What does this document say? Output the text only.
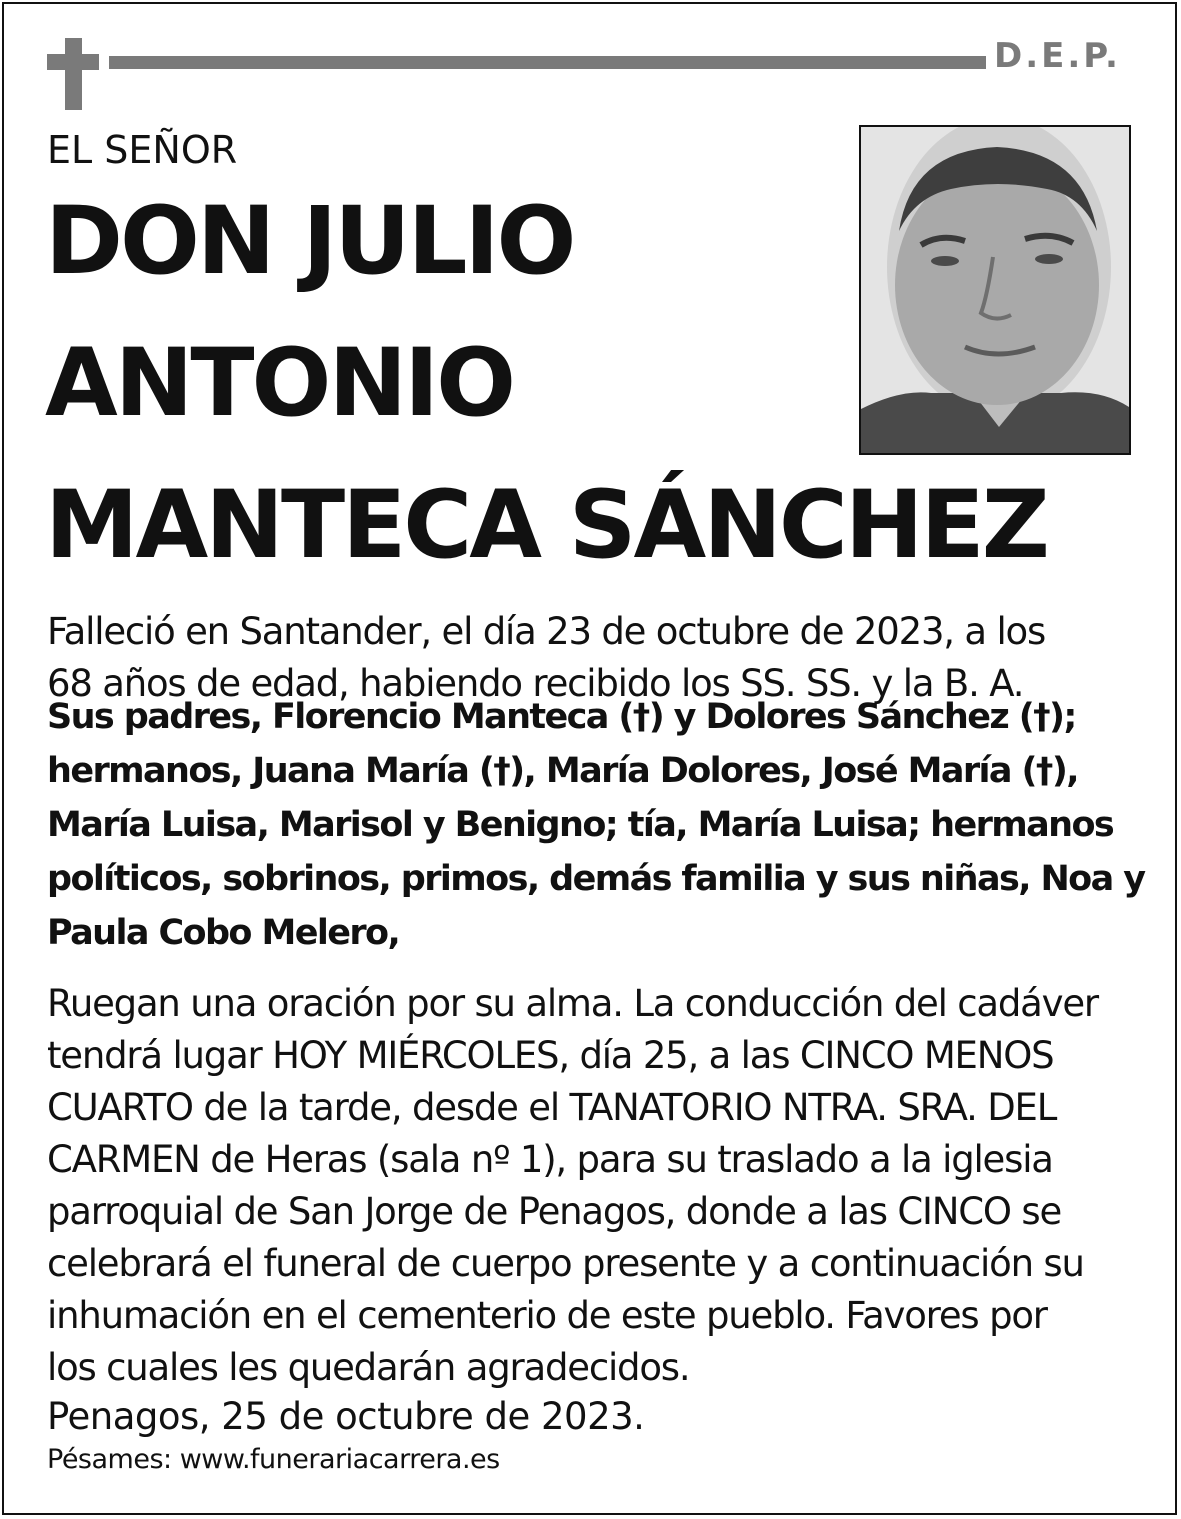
D.E.P.
EL SEÑOR
DON JULIO
ANTONIO
MANTECA SÁNCHEZ
Falleció en Santander, el día 23 de octubre de 2023, a los
68 años de edad, habiendo recibido los SS. SS. y la B. A.
Sus padres, Florencio Manteca (†) y Dolores Sánchez (†);
hermanos, Juana María (†), María Dolores, José María (†),
María Luisa, Marisol y Benigno; tía, María Luisa; hermanos
políticos, sobrinos, primos, demás familia y sus niñas, Noa y
Paula Cobo Melero,
Ruegan una oración por su alma. La conducción del cadáver
tendrá lugar HOY MIÉRCOLES, día 25, a las CINCO MENOS
CUARTO de la tarde, desde el TANATORIO NTRA. SRA. DEL
CARMEN de Heras (sala nº 1), para su traslado a la iglesia
parroquial de San Jorge de Penagos, donde a las CINCO se
celebrará el funeral de cuerpo presente y a continuación su
inhumación en el cementerio de este pueblo. Favores por
los cuales les quedarán agradecidos.
Penagos, 25 de octubre de 2023.
Pésames: www.funerariacarrera.es
